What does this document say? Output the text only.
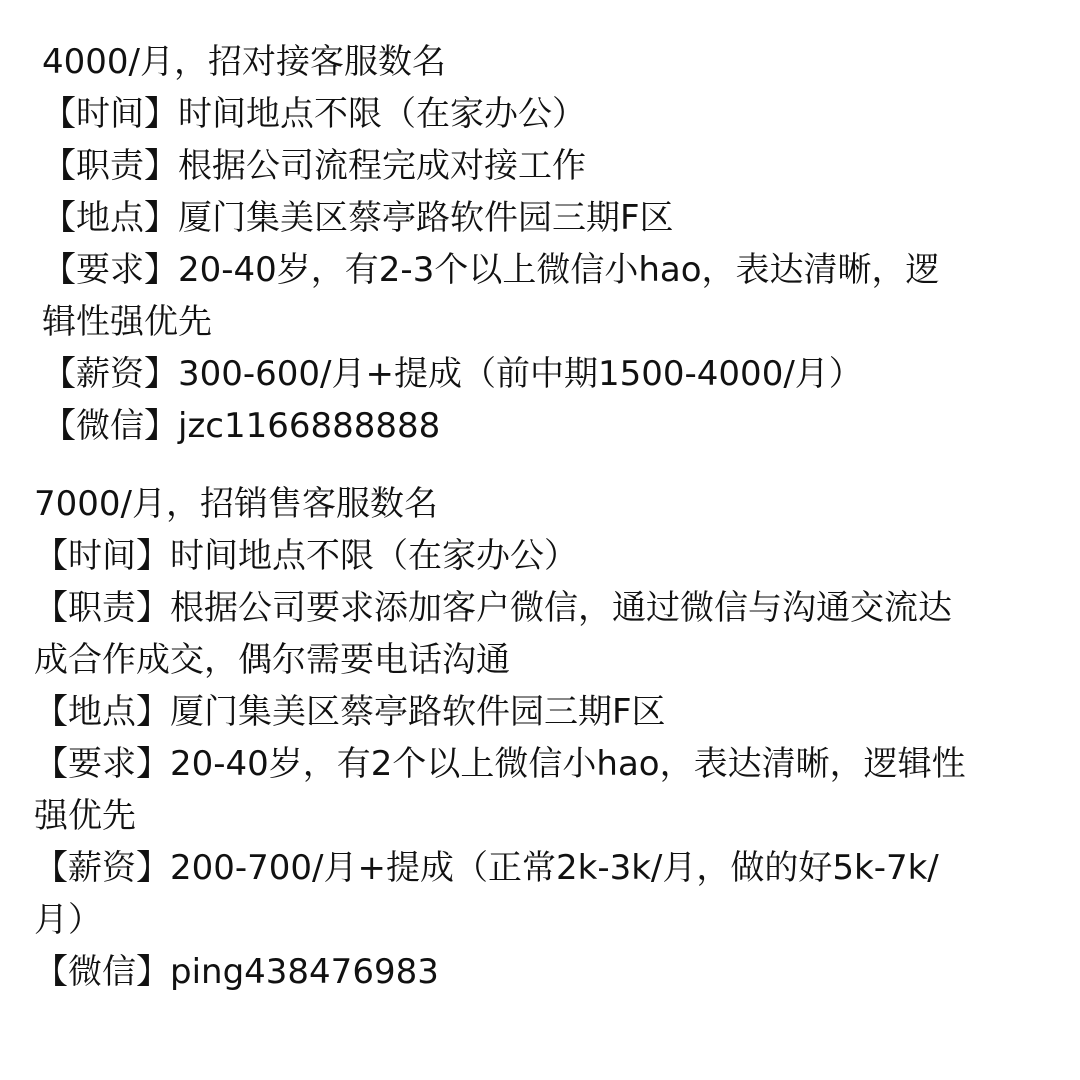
4000/月，招对接客服数名
【时间】时间地点不限（在家办公）
【职责】根据公司流程完成对接工作
【地点】厦门集美区蔡亭路软件园三期F区
【要求】20-40岁，有2-3个以上微信小hao，表达清晰，逻
辑性强优先
【薪资】300-600/月+提成（前中期1500-4000/月）
【微信】jzc1166888888
7000/月，招销售客服数名
【时间】时间地点不限（在家办公）
【职责】根据公司要求添加客户微信，通过微信与沟通交流达
成合作成交，偶尔需要电话沟通
【地点】厦门集美区蔡亭路软件园三期F区
【要求】20-40岁，有2个以上微信小hao，表达清晰，逻辑性
强优先
【薪资】200-700/月+提成（正常2k-3k/月，做的好5k-7k/
月）
【微信】ping438476983
